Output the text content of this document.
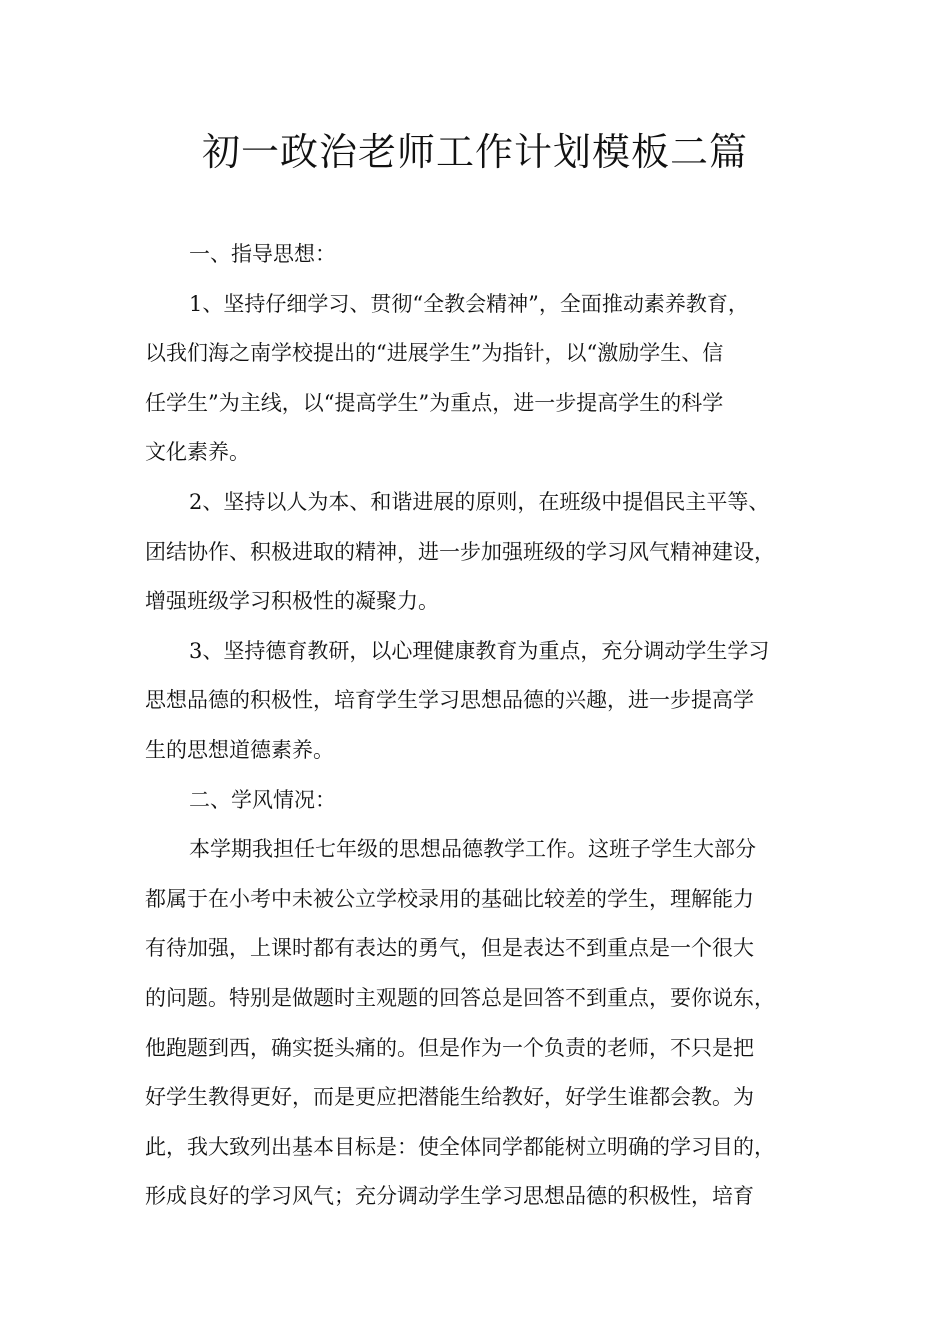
初一政治老师工作计划模板二篇

一、指导思想：

1、坚持仔细学习、贯彻“全教会精神”，全面推动素养教育，
以我们海之南学校提出的“进展学生”为指针，以“激励学生、信
任学生”为主线，以“提高学生”为重点，进一步提高学生的科学
文化素养。

2、坚持以人为本、和谐进展的原则，在班级中提倡民主平等、
团结协作、积极进取的精神，进一步加强班级的学习风气精神建设，
增强班级学习积极性的凝聚力。

3、坚持德育教研，以心理健康教育为重点，充分调动学生学习
思想品德的积极性，培育学生学习思想品德的兴趣，进一步提高学
生的思想道德素养。

二、学风情况：

本学期我担任七年级的思想品德教学工作。这班子学生大部分
都属于在小考中未被公立学校录用的基础比较差的学生，理解能力
有待加强，上课时都有表达的勇气，但是表达不到重点是一个很大
的问题。特别是做题时主观题的回答总是回答不到重点，要你说东，
他跑题到西，确实挺头痛的。但是作为一个负责的老师，不只是把
好学生教得更好，而是更应把潜能生给教好，好学生谁都会教。为
此，我大致列出基本目标是：使全体同学都能树立明确的学习目的，
形成良好的学习风气；充分调动学生学习思想品德的积极性，培育
